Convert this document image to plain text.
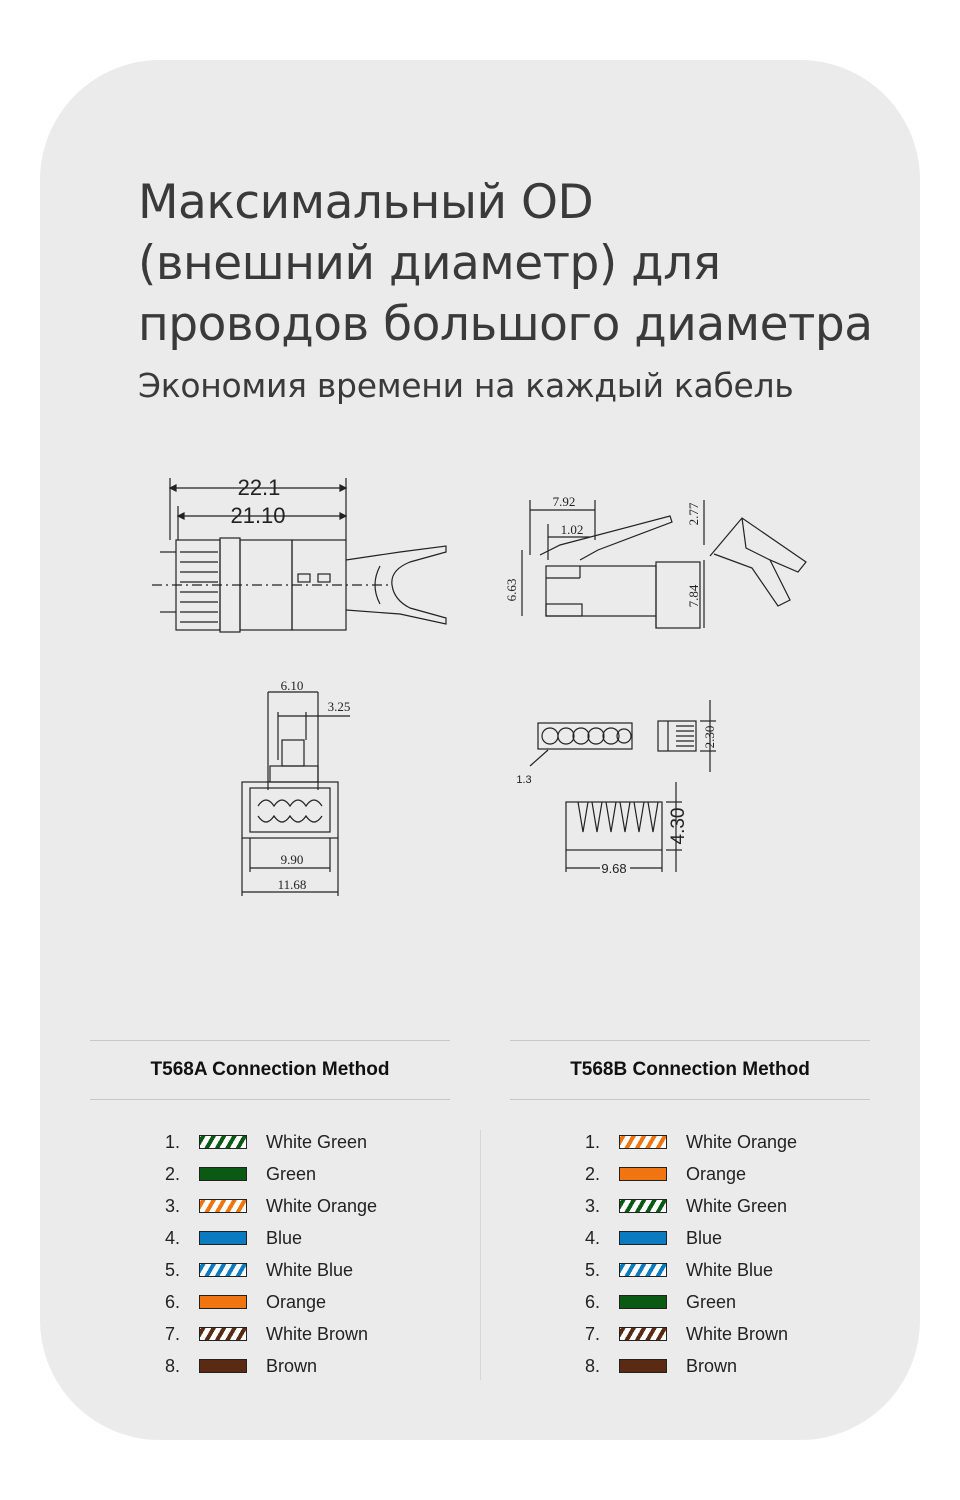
Максимальный OD
(внешний диаметр) для
проводов большого диаметра

Экономия времени на каждый кабель

22.1
21.10
7.92
1.02
2.77
7.84
6.63
6.10
3.25
9.90
11.68
1.3
2.30
9.68
4.30
T568A Connection Method
1.	White Green
2.	Green
3.	White Orange
4.	Blue
5.	White Blue
6.	Orange
7.	White Brown
8.	Brown
T568B Connection Method
1.	White Orange
2.	Orange
3.	White Green
4.	Blue
5.	White Blue
6.	Green
7.	White Brown
8.	Brown
